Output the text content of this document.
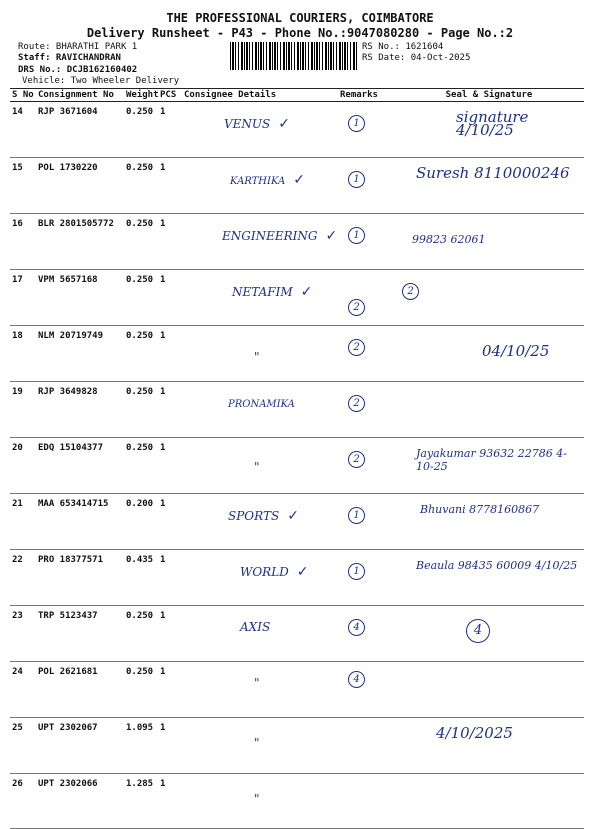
THE PROFESSIONAL COURIERS, COIMBATORE
Delivery Runsheet - P43 - Phone No.:9047080280 - Page No.:2
Route: BHARATHI PARK 1
Staff: RAVICHANDRAN
DRS No.: DCJB162160402
Vehicle: Two Wheeler Delivery
RS No.: 1621604
RS Date: 04-Oct-2025
S No	Consignment No	Weight	PCS	Consignee Details	Remarks	Seal & Signature
14	RJP 3671604	0.250	1	VENUS ✓	1	signature 4/10/25

15	POL 1730220	0.250	1	KARTHIKA ✓	1	Suresh 8110000246

16	BLR 2801505772	0.250	1	ENGINEERING ✓	1	99823 62061

17	VPM 5657168	0.250	1	NETAFIM ✓	2	2
18	NLM 20719749	0.250	1	"	2	04/10/25

19	RJP 3649828	0.250	1	PRONAMIKA	2	

20	EDQ 15104377	0.250	1	"	2	Jayakumar 93632 22786 4-10-25

21	MAA 653414715	0.200	1	SPORTS ✓	1	Bhuvani 8778160867

22	PRO 18377571	0.435	1	WORLD ✓	1	Beaula 98435 60009 4/10/25

23	TRP 5123437	0.250	1	AXIS	4	4
24	POL 2621681	0.250	1	"	4	

25	UPT 2302067	1.095	1	"		4/10/2025

26	UPT 2302066	1.285	1	"		
